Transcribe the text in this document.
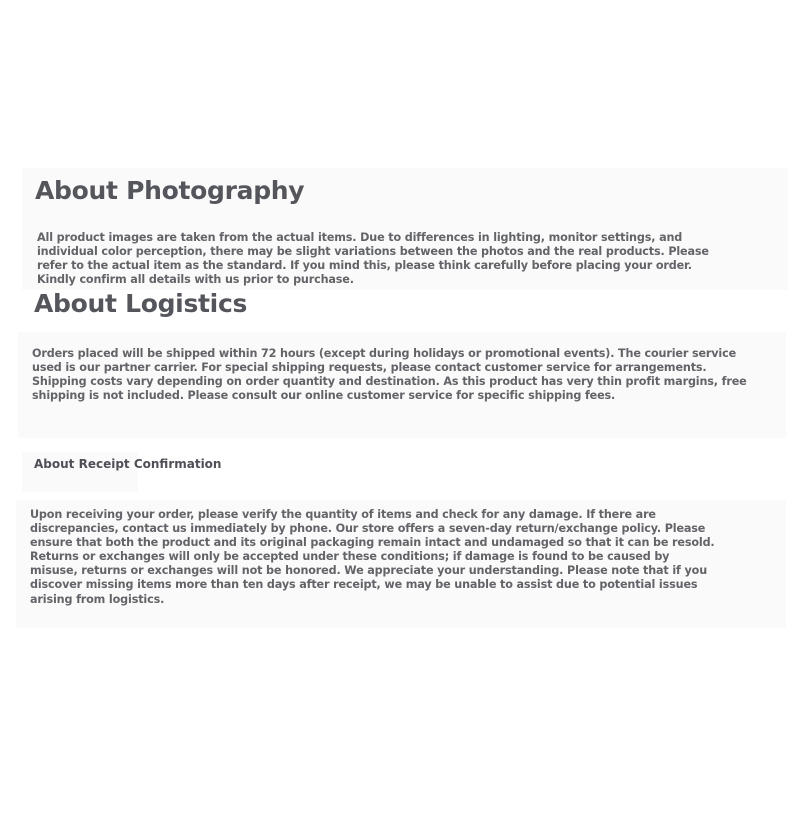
About Photography

All product images are taken from the actual items. Due to differences in lighting, monitor settings, and individual color perception, there may be slight variations between the photos and the real products. Please refer to the actual item as the standard. If you mind this, please think carefully before placing your order. Kindly confirm all details with us prior to purchase.

About Logistics

Orders placed will be shipped within 72 hours (except during holidays or promotional events). The courier service used is our partner carrier. For special shipping requests, please contact customer service for arrangements. Shipping costs vary depending on order quantity and destination. As this product has very thin profit margins, free shipping is not included. Please consult our online customer service for specific shipping fees.

About Receipt Confirmation

Upon receiving your order, please verify the quantity of items and check for any damage. If there are discrepancies, contact us immediately by phone. Our store offers a seven-day return/exchange policy. Please ensure that both the product and its original packaging remain intact and undamaged so that it can be resold. Returns or exchanges will only be accepted under these conditions; if damage is found to be caused by misuse, returns or exchanges will not be honored. We appreciate your understanding. Please note that if you discover missing items more than ten days after receipt, we may be unable to assist due to potential issues arising from logistics.
